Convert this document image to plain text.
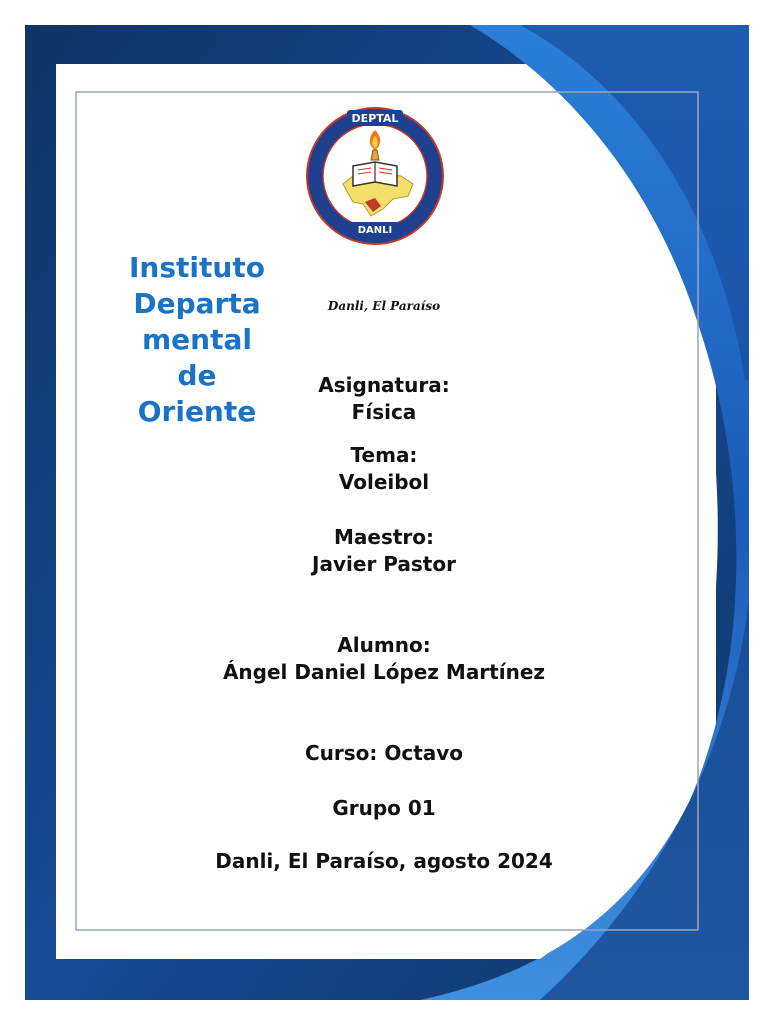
DANLI
DEPTAL
Instituto
Departa
mental
de
Oriente
Danli, El Paraíso
Asignatura:
Física
Tema:
Voleibol
Maestro:
Javier Pastor
Alumno:
Ángel Daniel López Martínez
Curso: Octavo
Grupo 01
Danli, El Paraíso, agosto 2024
